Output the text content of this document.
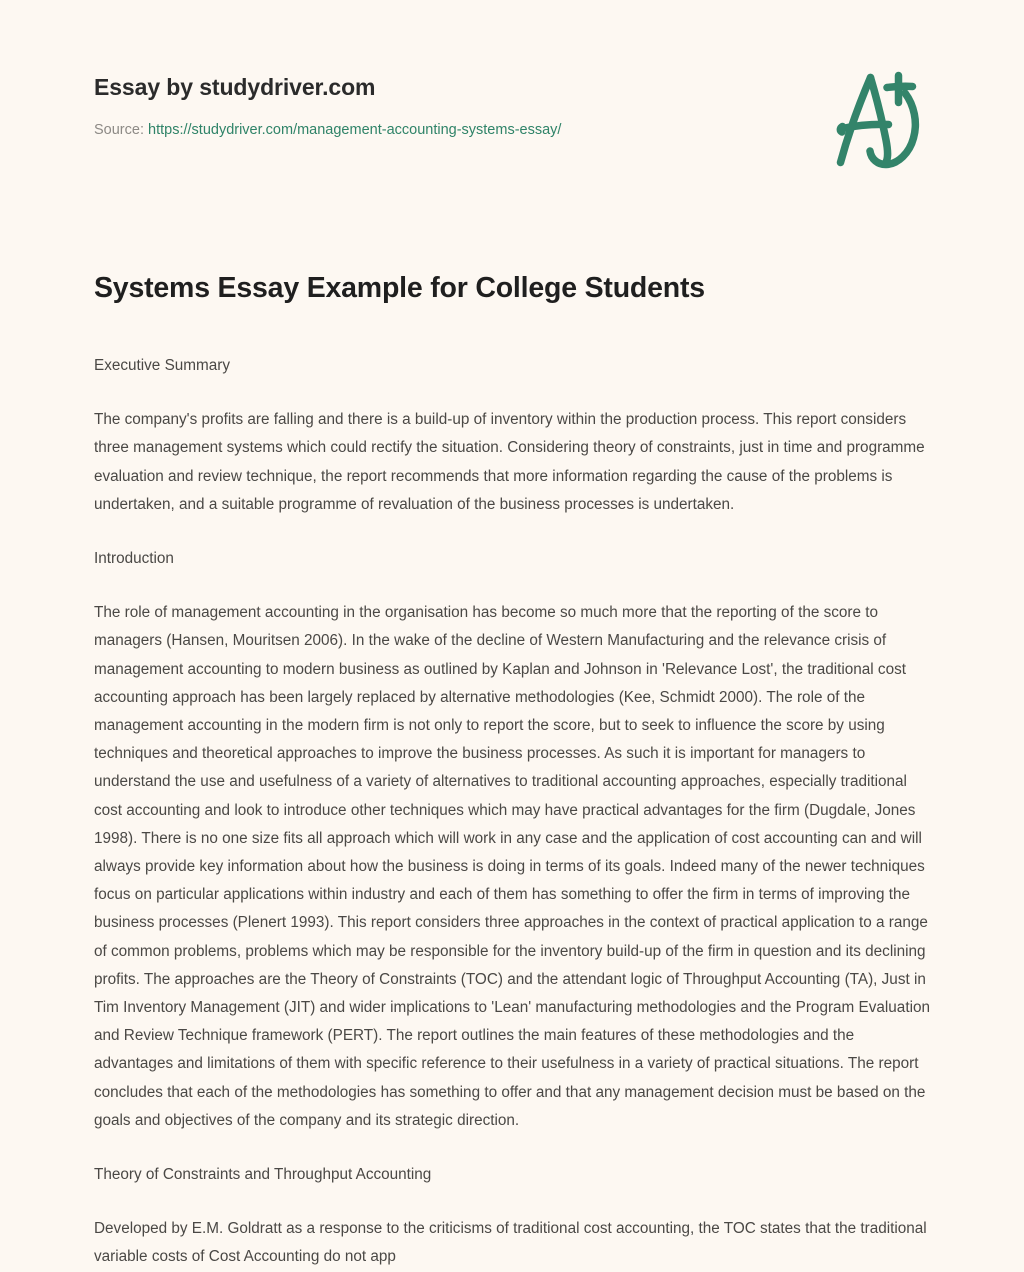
Essay by studydriver.com
Source: https://studydriver.com/management-accounting-systems-essay/
Systems Essay Example for College Students

Executive Summary

The company's profits are falling and there is a build-up of inventory within the production process. This report considers three management systems which could rectify the situation. Considering theory of constraints, just in time and programme evaluation and review technique, the report recommends that more information regarding the cause of the problems is undertaken, and a suitable programme of revaluation of the business processes is undertaken.

Introduction

The role of management accounting in the organisation has become so much more that the reporting of the score to managers (Hansen, Mouritsen 2006). In the wake of the decline of Western Manufacturing and the relevance crisis of management accounting to modern business as outlined by Kaplan and Johnson in 'Relevance Lost', the traditional cost accounting approach has been largely replaced by alternative methodologies (Kee, Schmidt 2000). The role of the management accounting in the modern firm is not only to report the score, but to seek to influence the score by using techniques and theoretical approaches to improve the business processes. As such it is important for managers to understand the use and usefulness of a variety of alternatives to traditional accounting approaches, especially traditional cost accounting and look to introduce other techniques which may have practical advantages for the firm (Dugdale, Jones 1998). There is no one size fits all approach which will work in any case and the application of cost accounting can and will always provide key information about how the business is doing in terms of its goals. Indeed many of the newer techniques focus on particular applications within industry and each of them has something to offer the firm in terms of improving the business processes (Plenert 1993). This report considers three approaches in the context of practical application to a range of common problems, problems which may be responsible for the inventory build-up of the firm in question and its declining profits. The approaches are the Theory of Constraints (TOC) and the attendant logic of Throughput Accounting (TA), Just in Tim Inventory Management (JIT) and wider implications to 'Lean' manufacturing methodologies and the Program Evaluation and Review Technique framework (PERT). The report outlines the main features of these methodologies and the advantages and limitations of them with specific reference to their usefulness in a variety of practical situations. The report concludes that each of the methodologies has something to offer and that any management decision must be based on the goals and objectives of the company and its strategic direction.

Theory of Constraints and Throughput Accounting

Developed by E.M. Goldratt as a response to the criticisms of traditional cost accounting, the TOC states that the traditional variable costs of Cost Accounting do not app
